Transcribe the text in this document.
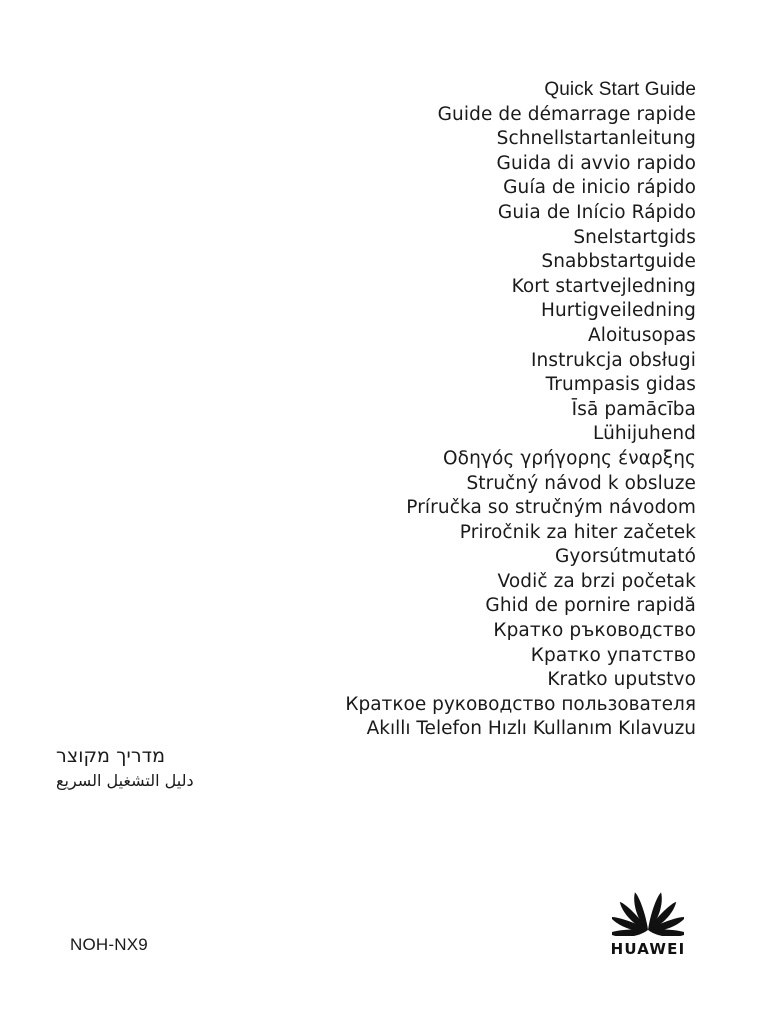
Quick Start Guide
Guide de démarrage rapide
Schnellstartanleitung
Guida di avvio rapido
Guía de inicio rápido
Guia de Início Rápido
Snelstartgids
Snabbstartguide
Kort startvejledning
Hurtigveiledning
Aloitusopas
Instrukcja obsługi
Trumpasis gidas
Īsā pamācība
Lühijuhend
Οδηγός γρήγορης έναρξης
Stručný návod k obsluze
Príručka so stručným návodom
Priročnik za hiter začetek
Gyorsútmutató
Vodič za brzi početak
Ghid de pornire rapidă
Кратко ръководство
Кратко упатство
Kratko uputstvo
Краткое руководство пользователя
Akıllı Telefon Hızlı Kullanım Kılavuzu
מדריך מקוצר
دليل التشغيل السريع
NOH-NX9	HUAWEI
